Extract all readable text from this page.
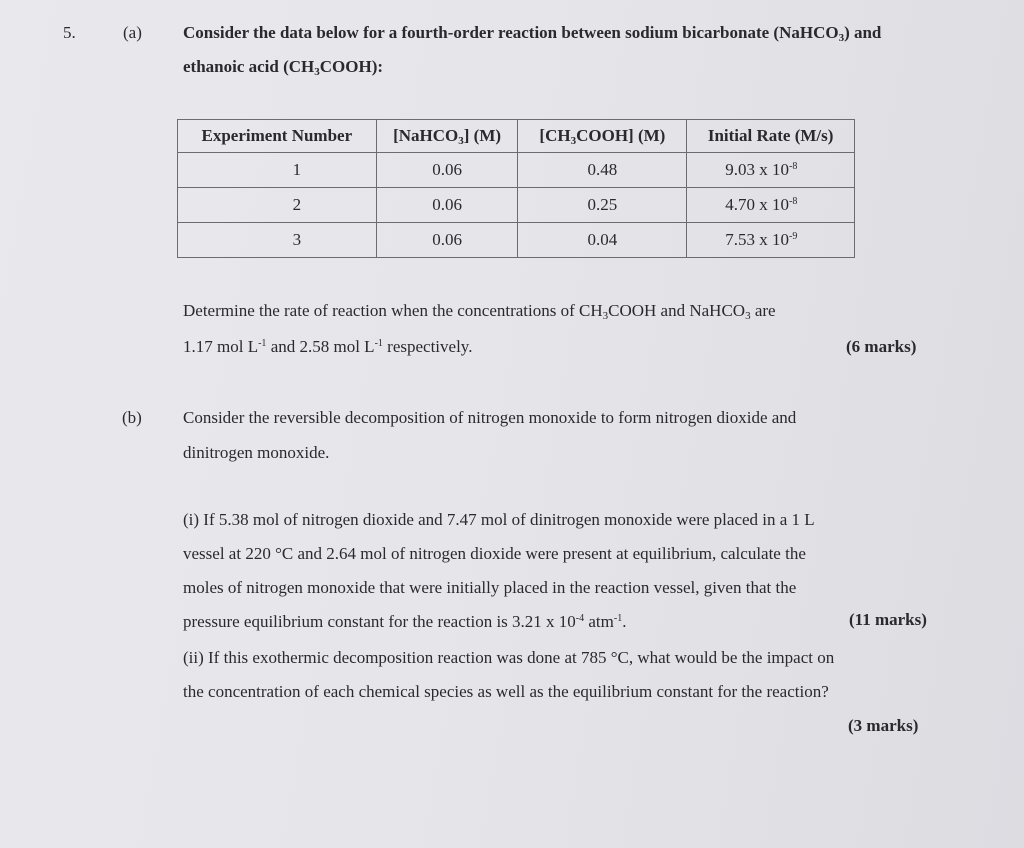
5.	(a) Consider the data below for a fourth-order reaction between sodium bicarbonate (NaHCO$_3$) and
ethanoic acid $(CH_3COOH)$:
Experiment Number	[NaHCO$_3$] (M)	$[CH_3COOH]$ (M)	Initial Rate (M/s)
1	0.06	0.48	9.03 x $10^{-8}$
2	0.06	0.25	4.70 x $10^{-8}$
3	0.06	0.04	7.53 x $10^{-9}$
Determine the rate of reaction when the concentrations of $CH_3COOH$ and NaHCO$_3$ are
1.17 mol $L^{-1}$ and 2.58 mol $L^{-1}$ respectively.	(6 marks)
(b) Consider the reversible decomposition of nitrogen monoxide to form nitrogen dioxide and
dinitrogen monoxide.
(i) If 5.38 mol of nitrogen dioxide and 7.47 mol of dinitrogen monoxide were placed in a 1 L
vessel at 220 °C and 2.64 mol of nitrogen dioxide were present at equilibrium, calculate the
moles of nitrogen monoxide that were initially placed in the reaction vessel, given that the
pressure equilibrium constant for the reaction is 3.21 x $10^{-4}$ atm$^{-1}$.	(11 marks)
(ii) If this exothermic decomposition reaction was done at 785 °C, what would be the impact on
the concentration of each chemical species as well as the equilibrium constant for the reaction?
(3 marks)
